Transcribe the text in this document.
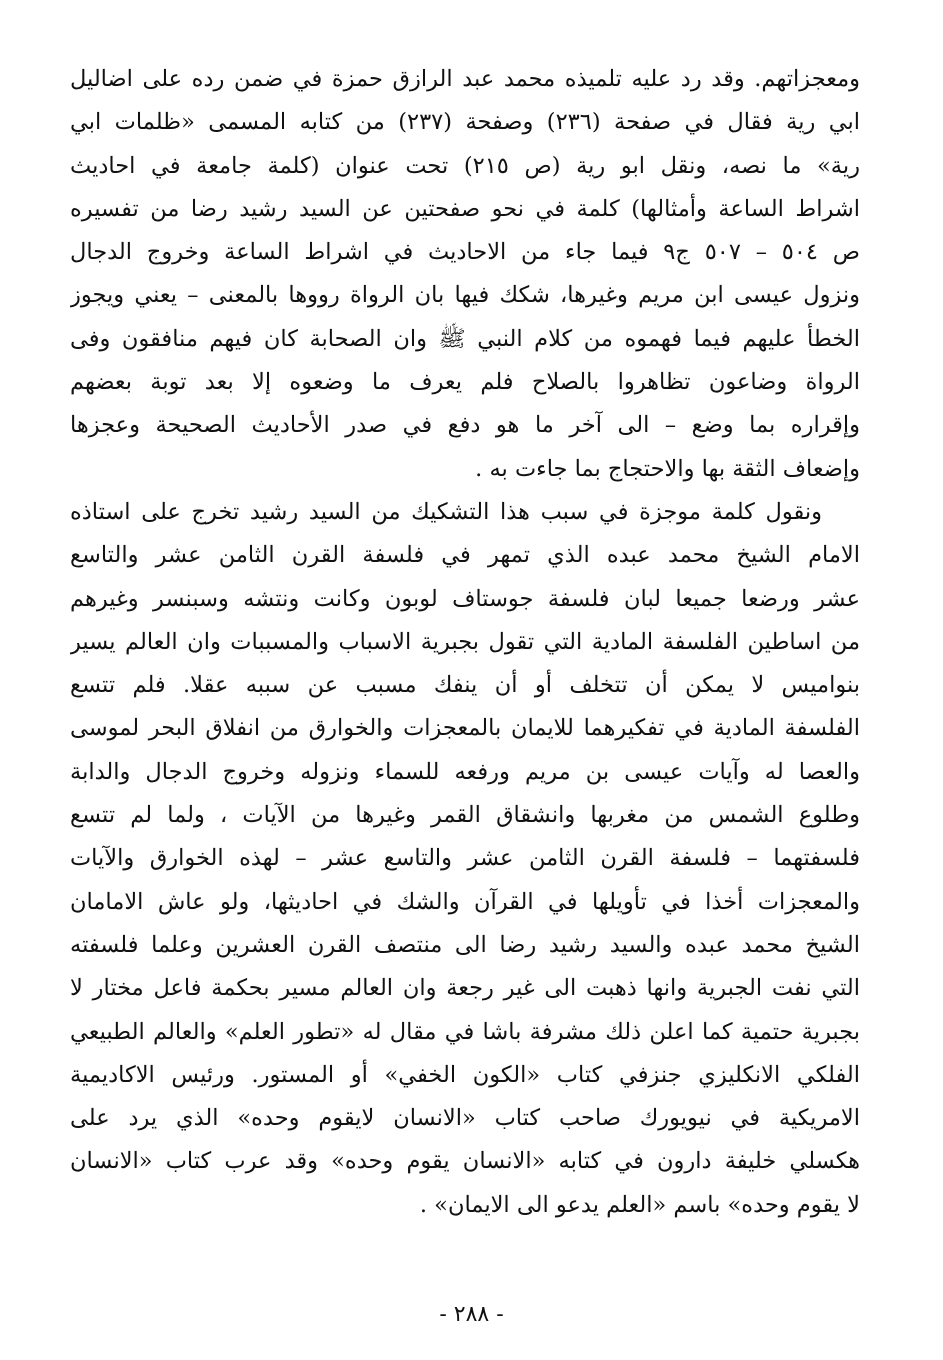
ومعجزاتهم. وقد رد عليه تلميذه محمد عبد الرازق حمزة في ضمن رده على اضاليل
ابي رية فقال في صفحة (٢٣٦) وصفحة (٢٣٧) من كتابه المسمى «ظلمات ابي
رية» ما نصه، ونقل ابو رية (ص ٢١٥) تحت عنوان (كلمة جامعة في احاديث
اشراط الساعة وأمثالها) كلمة في نحو صفحتين عن السيد رشيد رضا من تفسيره
ص ٥٠٤ – ٥٠٧ ج٩ فيما جاء من الاحاديث في اشراط الساعة وخروج الدجال
ونزول عيسى ابن مريم وغيرها، شكك فيها بان الرواة رووها بالمعنى – يعني ويجوز
الخطأ عليهم فيما فهموه من كلام النبي ﷺ وان الصحابة كان فيهم منافقون وفى
الرواة وضاعون تظاهروا بالصلاح فلم يعرف ما وضعوه إلا بعد توبة بعضهم
وإقراره بما وضع – الى آخر ما هو دفع في صدر الأحاديث الصحيحة وعجزها
وإضعاف الثقة بها والاحتجاج بما جاءت به .
ونقول كلمة موجزة في سبب هذا التشكيك من السيد رشيد تخرج على استاذه
الامام الشيخ محمد عبده الذي تمهر في فلسفة القرن الثامن عشر والتاسع
عشر ورضعا جميعا لبان فلسفة جوستاف لوبون وكانت ونتشه وسبنسر وغيرهم
من اساطين الفلسفة المادية التي تقول بجبرية الاسباب والمسببات وان العالم يسير
بنواميس لا يمكن أن تتخلف أو أن ينفك مسبب عن سببه عقلا. فلم تتسع
الفلسفة المادية في تفكيرهما للايمان بالمعجزات والخوارق من انفلاق البحر لموسى
والعصا له وآيات عيسى بن مريم ورفعه للسماء ونزوله وخروج الدجال والدابة
وطلوع الشمس من مغربها وانشقاق القمر وغيرها من الآيات ، ولما لم تتسع
فلسفتهما – فلسفة القرن الثامن عشر والتاسع عشر – لهذه الخوارق والآيات
والمعجزات أخذا في تأويلها في القرآن والشك في احاديثها، ولو عاش الامامان
الشيخ محمد عبده والسيد رشيد رضا الى منتصف القرن العشرين وعلما فلسفته
التي نفت الجبرية وانها ذهبت الى غير رجعة وان العالم مسير بحكمة فاعل مختار لا
بجبرية حتمية كما اعلن ذلك مشرفة باشا في مقال له «تطور العلم» والعالم الطبيعي
الفلكي الانكليزي جنزفي كتاب «الكون الخفي» أو المستور. ورئيس الاكاديمية
الامريكية في نيويورك صاحب كتاب «الانسان لايقوم وحده» الذي يرد على
هكسلي خليفة دارون في كتابه «الانسان يقوم وحده» وقد عرب كتاب «الانسان
لا يقوم وحده» باسم «العلم يدعو الى الايمان» .
- ٢٨٨ -
